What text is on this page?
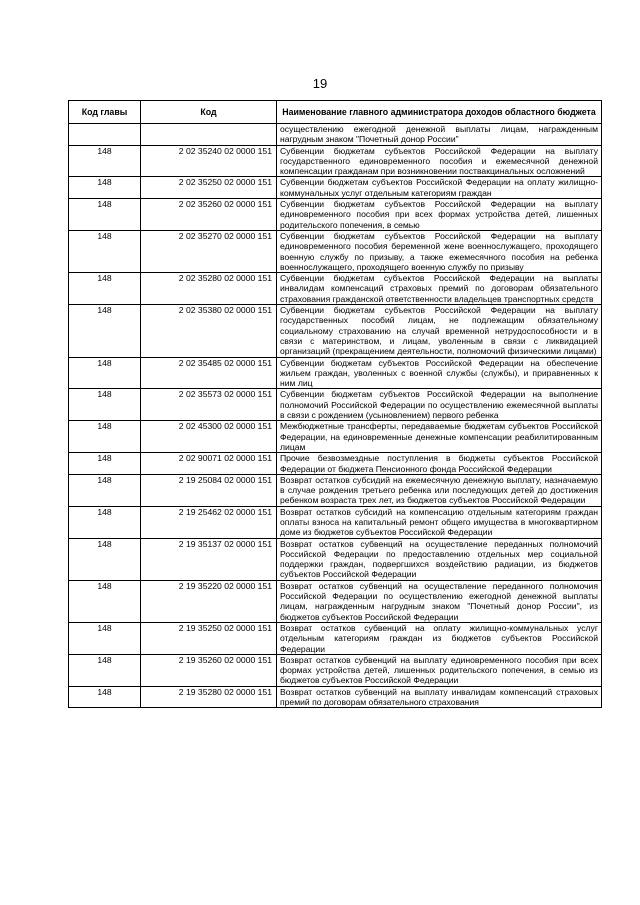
19
Код главы	Код	Наименование главного администратора доходов областного бюджета
		осуществлению ежегодной денежной выплаты лицам, награжденным нагрудным знаком "Почетный донор России"
148	2 02 35240 02 0000 151	Субвенции бюджетам субъектов Российской Федерации на выплату государственного единовременного пособия и ежемесячной денежной компенсации гражданам при возникновении поствакцинальных осложнений
148	2 02 35250 02 0000 151	Субвенции бюджетам субъектов Российской Федерации на оплату жилищно-коммунальных услуг отдельным категориям граждан
148	2 02 35260 02 0000 151	Субвенции бюджетам субъектов Российской Федерации на выплату единовременного пособия при всех формах устройства детей, лишенных родительского попечения, в семью
148	2 02 35270 02 0000 151	Субвенции бюджетам субъектов Российской Федерации на выплату единовременного пособия беременной жене военнослужащего, проходящего военную службу по призыву, а также ежемесячного пособия на ребенка военнослужащего, проходящего военную службу по призыву
148	2 02 35280 02 0000 151	Субвенции бюджетам субъектов Российской Федерации на выплаты инвалидам компенсаций страховых премий по договорам обязательного страхования гражданской ответственности владельцев транспортных средств
148	2 02 35380 02 0000 151	Субвенции бюджетам субъектов Российской Федерации на выплату государственных пособий лицам, не подлежащим обязательному социальному страхованию на случай временной нетрудоспособности и в связи с материнством, и лицам, уволенным в связи с ликвидацией организаций (прекращением деятельности, полномочий физическими лицами)
148	2 02 35485 02 0000 151	Субвенции бюджетам субъектов Российской Федерации на обеспечение жильем граждан, уволенных с военной службы (службы), и приравненных к ним лиц
148	2 02 35573 02 0000 151	Субвенции бюджетам субъектов Российской Федерации на выполнение полномочий Российской Федерации по осуществлению ежемесячной выплаты в связи с рождением (усыновлением) первого ребенка
148	2 02 45300 02 0000 151	Межбюджетные трансферты, передаваемые бюджетам субъектов Российской Федерации, на единовременные денежные компенсации реабилитированным лицам
148	2 02 90071 02 0000 151	Прочие безвозмездные поступления в бюджеты субъектов Российской Федерации от бюджета Пенсионного фонда Российской Федерации
148	2 19 25084 02 0000 151	Возврат остатков субсидий на ежемесячную денежную выплату, назначаемую в случае рождения третьего ребенка или последующих детей до достижения ребенком возраста трех лет, из бюджетов субъектов Российской Федерации
148	2 19 25462 02 0000 151	Возврат остатков субсидий на компенсацию отдельным категориям граждан оплаты взноса на капитальный ремонт общего имущества в многоквартирном доме из бюджетов субъектов Российской Федерации
148	2 19 35137 02 0000 151	Возврат остатков субвенций на осуществление переданных полномочий Российской Федерации по предоставлению отдельных мер социальной поддержки граждан, подвергшихся воздействию радиации, из бюджетов субъектов Российской Федерации
148	2 19 35220 02 0000 151	Возврат остатков субвенций на осуществление переданного полномочия Российской Федерации по осуществлению ежегодной денежной выплаты лицам, награжденным нагрудным знаком "Почетный донор России", из бюджетов субъектов Российской Федерации
148	2 19 35250 02 0000 151	Возврат остатков субвенций на оплату жилищно-коммунальных услуг отдельным категориям граждан из бюджетов субъектов Российской Федерации
148	2 19 35260 02 0000 151	Возврат остатков субвенций на выплату единовременного пособия при всех формах устройства детей, лишенных родительского попечения, в семью из бюджетов субъектов Российской Федерации
148	2 19 35280 02 0000 151	Возврат остатков субвенций на выплату инвалидам компенсаций страховых премий по договорам обязательного страхования
